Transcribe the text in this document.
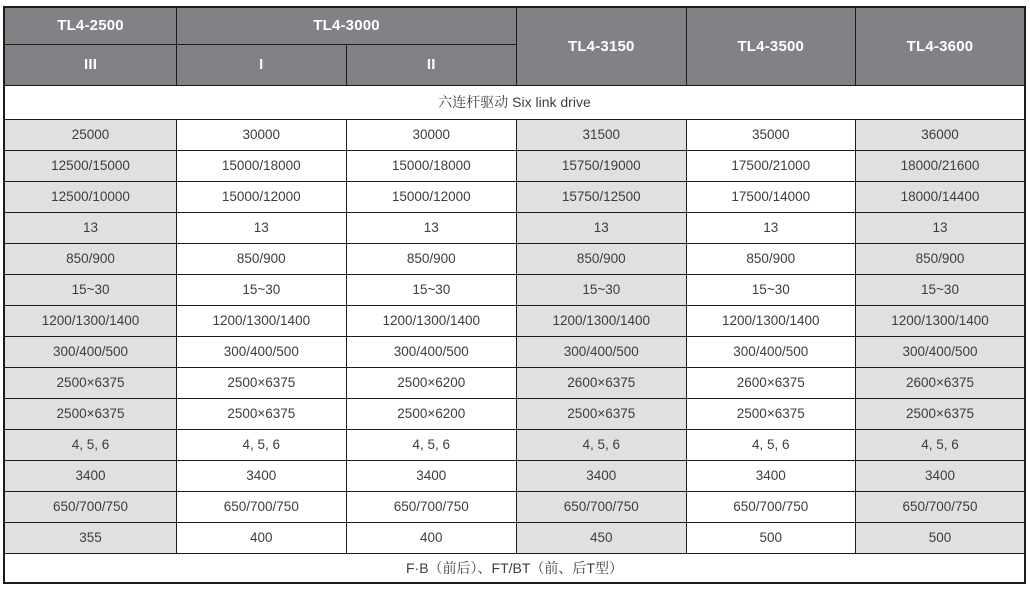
TL4-2500	TL4-3000		TL4-3150	TL4-3500	TL4-3600
III	I	II			
六连杆驱动 Six link drive					
25000	30000	30000	31500	35000	36000
12500/15000	15000/18000	15000/18000	15750/19000	17500/21000	18000/21600
12500/10000	15000/12000	15000/12000	15750/12500	17500/14000	18000/14400
13	13	13	13	13	13
850/900	850/900	850/900	850/900	850/900	850/900
15~30	15~30	15~30	15~30	15~30	15~30
1200/1300/1400	1200/1300/1400	1200/1300/1400	1200/1300/1400	1200/1300/1400	1200/1300/1400
300/400/500	300/400/500	300/400/500	300/400/500	300/400/500	300/400/500
2500×6375	2500×6375	2500×6200	2600×6375	2600×6375	2600×6375
2500×6375	2500×6375	2500×6200	2500×6375	2500×6375	2500×6375
4, 5, 6	4, 5, 6	4, 5, 6	4, 5, 6	4, 5, 6	4, 5, 6
3400	3400	3400	3400	3400	3400
650/700/750	650/700/750	650/700/750	650/700/750	650/700/750	650/700/750
355	400	400	450	500	500
F·B（前后）、FT/BT（前、后T型）					
